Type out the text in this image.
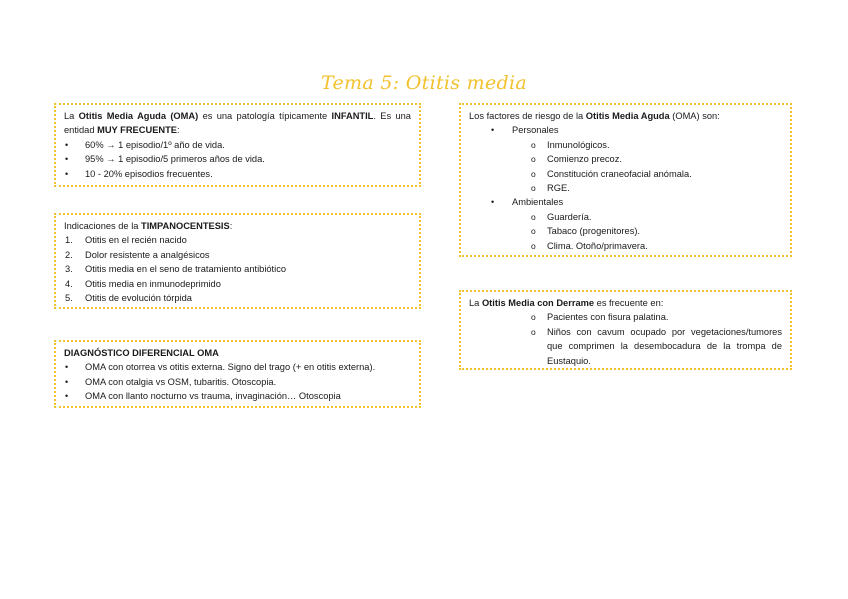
Tema 5: Otitis media

La Otitis Media Aguda (OMA) es una patología típicamente INFANTIL. Es una entidad MUY FRECUENTE:

• 60% → 1 episodio/1º año de vida.
• 95% → 1 episodio/5 primeros años de vida.
• 10 - 20% episodios frecuentes.

Indicaciones de la TIMPANOCENTESIS:

1. Otitis en el recién nacido
2. Dolor resistente a analgésicos
3. Otitis media en el seno de tratamiento antibiótico
4. Otitis media en inmunodeprimido
5. Otitis de evolución tórpida

DIAGNÓSTICO DIFERENCIAL OMA

• OMA con otorrea vs otitis externa. Signo del trago (+ en otitis externa).
• OMA con otalgia vs OSM, tubaritis. Otoscopia.
• OMA con llanto nocturno vs trauma, invaginación… Otoscopia

Los factores de riesgo de la Otitis Media Aguda (OMA) son:

• Personales
o Inmunológicos.
o Comienzo precoz.
o Constitución craneofacial anómala.
o RGE.
• Ambientales
o Guardería.
o Tabaco (progenitores).
o Clima. Otoño/primavera.

La Otitis Media con Derrame es frecuente en:

o Pacientes con fisura palatina.
o Niños con cavum ocupado por vegetaciones/tumores que comprimen la desembocadura de la trompa de Eustaquio.
